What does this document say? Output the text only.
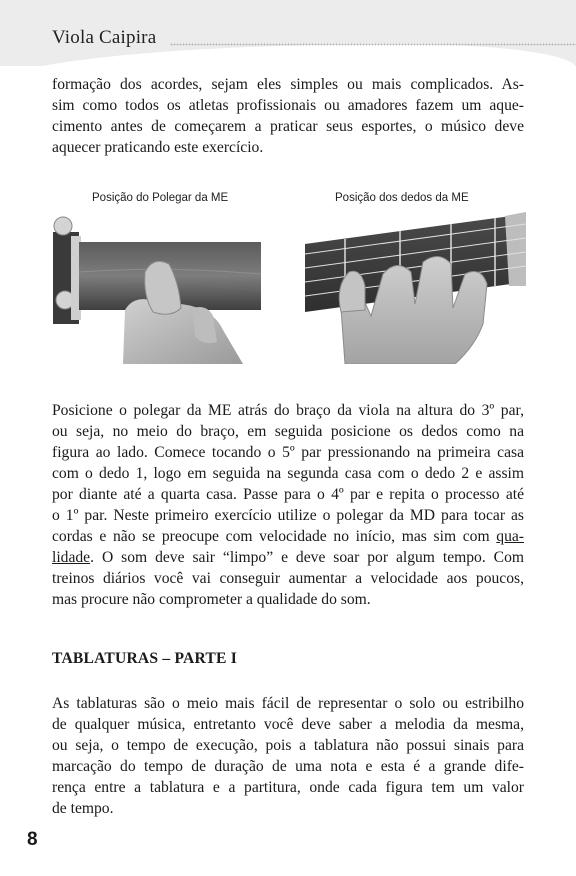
Viola Caipira

formação dos acordes, sejam eles simples ou mais complicados. As-

sim como todos os atletas profissionais ou amadores fazem um aque-

cimento antes de começarem a praticar seus esportes, o músico deve

aquecer praticando este exercício.

Posição do Polegar da ME	Posição dos dedos da ME

Posicione o polegar da ME atrás do braço da viola na altura do 3º par,

ou seja, no meio do braço, em seguida posicione os dedos como na

figura ao lado. Comece tocando o 5º par pressionando na primeira casa

com o dedo 1, logo em seguida na segunda casa com o dedo 2 e assim

por diante até a quarta casa. Passe para o 4º par e repita o processo até

o 1º par. Neste primeiro exercício utilize o polegar da MD para tocar as

cordas e não se preocupe com velocidade no início, mas sim com qua-

lidade. O som deve sair “limpo” e deve soar por algum tempo. Com

treinos diários você vai conseguir aumentar a velocidade aos poucos,

mas procure não comprometer a qualidade do som.

TABLATURAS – PARTE I

As tablaturas são o meio mais fácil de representar o solo ou estribilho

de qualquer música, entretanto você deve saber a melodia da mesma,

ou seja, o tempo de execução, pois a tablatura não possui sinais para

marcação do tempo de duração de uma nota e esta é a grande dife-

rença entre a tablatura e a partitura, onde cada figura tem um valor

de tempo.

8
